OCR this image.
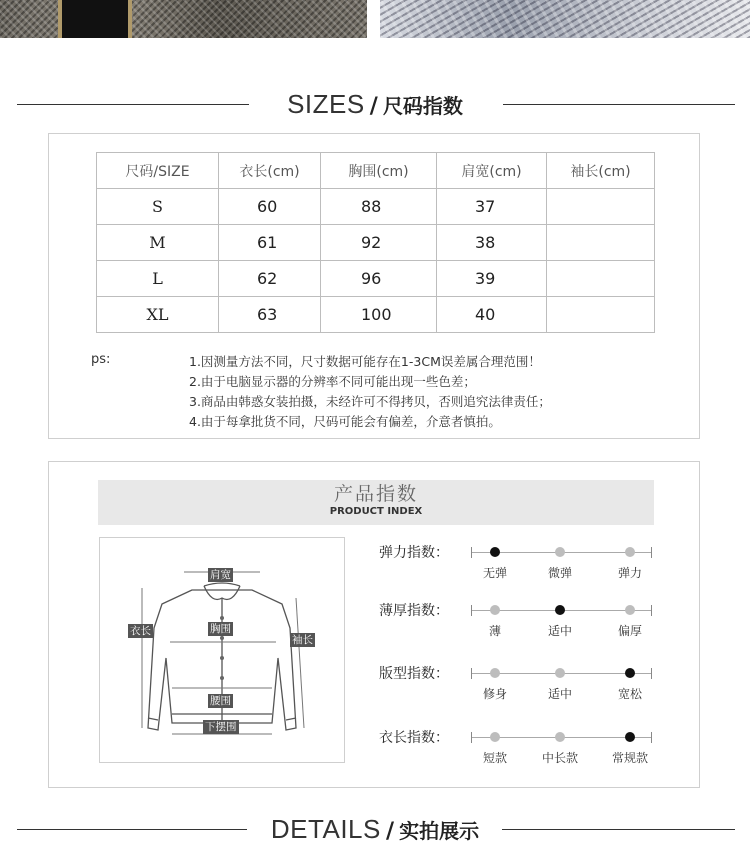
SIZES / 尺码指数
尺码/SIZE	衣长(cm)	胸围(cm)	肩宽(cm)	袖长(cm)
S	60	88	37	
M	61	92	38	
L	62	96	39	
XL	63	100	40	
ps:	1.因测量方法不同，尺寸数据可能存在1-3CM误差属合理范围！
2.由于电脑显示器的分辨率不同可能出现一些色差；
3.商品由韩惑女装拍摄，未经许可不得拷贝，否则追究法律责任；
4.由于每拿批货不同，尺码可能会有偏差，介意者慎拍。
产品指数
PRODUCT INDEX
肩宽
衣长	胸围
袖长
腰围
下摆围
弹力指数：
无弹	微弹	弹力
薄厚指数：
薄	适中	偏厚
版型指数：
修身	适中	宽松
衣长指数：
短款	中长款	常规款
DETAILS / 实拍展示
